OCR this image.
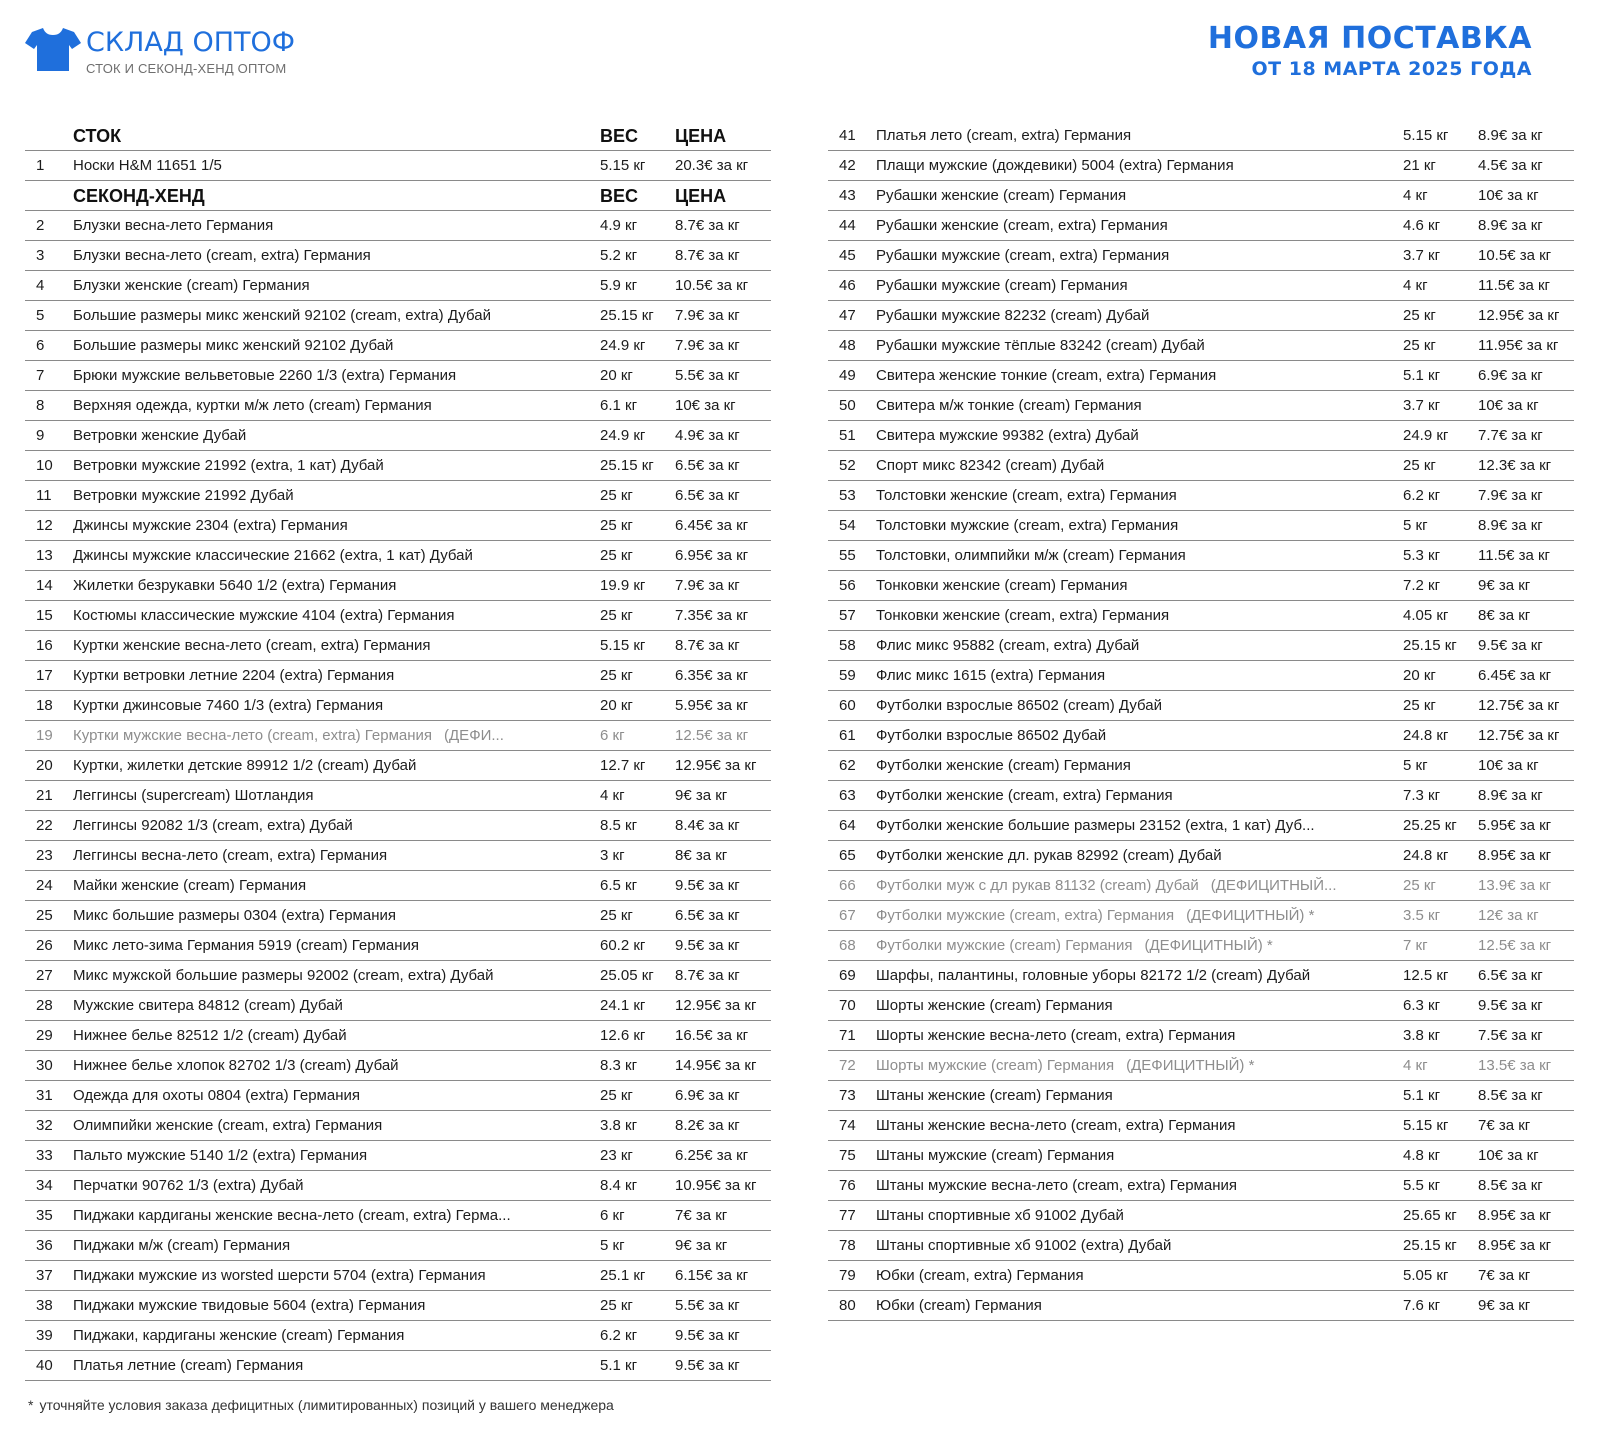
СКЛАД ОПТОФ
СТОК И СЕКОНД-ХЕНД ОПТОМ
НОВАЯ ПОСТАВКА
ОТ 18 МАРТА 2025 ГОДА
СТОК	ВЕС	ЦЕНА
1	Носки H&M 11651 1/5	5.15 кг	20.3€ за кг
СЕКОНД-ХЕНД	ВЕС	ЦЕНА
2	Блузки весна-лето Германия	4.9 кг	8.7€ за кг
3	Блузки весна-лето (cream, extra) Германия	5.2 кг	8.7€ за кг
4	Блузки женские (cream) Германия	5.9 кг	10.5€ за кг
5	Большие размеры микс женский 92102 (cream, extra) Дубай	25.15 кг	7.9€ за кг
6	Большие размеры микс женский 92102 Дубай	24.9 кг	7.9€ за кг
7	Брюки мужские вельветовые 2260 1/3 (extra) Германия	20 кг	5.5€ за кг
8	Верхняя одежда, куртки м/ж лето (cream) Германия	6.1 кг	10€ за кг
9	Ветровки женские Дубай	24.9 кг	4.9€ за кг
10	Ветровки мужские 21992 (extra, 1 кат) Дубай	25.15 кг	6.5€ за кг
11	Ветровки мужские 21992 Дубай	25 кг	6.5€ за кг
12	Джинсы мужские 2304 (extra) Германия	25 кг	6.45€ за кг
13	Джинсы мужские классические 21662 (extra, 1 кат) Дубай	25 кг	6.95€ за кг
14	Жилетки безрукавки 5640 1/2 (extra) Германия	19.9 кг	7.9€ за кг
15	Костюмы классические мужские 4104 (extra) Германия	25 кг	7.35€ за кг
16	Куртки женские весна-лето (cream, extra) Германия	5.15 кг	8.7€ за кг
17	Куртки ветровки летние 2204 (extra) Германия	25 кг	6.35€ за кг
18	Куртки джинсовые 7460 1/3 (extra) Германия	20 кг	5.95€ за кг
19	Куртки мужские весна-лето (cream, extra) Германия (ДЕФИ...	6 кг	12.5€ за кг
20	Куртки, жилетки детские 89912 1/2 (cream) Дубай	12.7 кг	12.95€ за кг
21	Леггинсы (supercream) Шотландия	4 кг	9€ за кг
22	Леггинсы 92082 1/3 (cream, extra) Дубай	8.5 кг	8.4€ за кг
23	Леггинсы весна-лето (cream, extra) Германия	3 кг	8€ за кг
24	Майки женские (cream) Германия	6.5 кг	9.5€ за кг
25	Микс большие размеры 0304 (extra) Германия	25 кг	6.5€ за кг
26	Микс лето-зима Германия 5919 (cream) Германия	60.2 кг	9.5€ за кг
27	Микс мужской большие размеры 92002 (cream, extra) Дубай	25.05 кг	8.7€ за кг
28	Мужские свитера 84812 (cream) Дубай	24.1 кг	12.95€ за кг
29	Нижнее белье 82512 1/2 (cream) Дубай	12.6 кг	16.5€ за кг
30	Нижнее белье хлопок 82702 1/3 (cream) Дубай	8.3 кг	14.95€ за кг
31	Одежда для охоты 0804 (extra) Германия	25 кг	6.9€ за кг
32	Олимпийки женские (cream, extra) Германия	3.8 кг	8.2€ за кг
33	Пальто мужские 5140 1/2 (extra) Германия	23 кг	6.25€ за кг
34	Перчатки 90762 1/3 (extra) Дубай	8.4 кг	10.95€ за кг
35	Пиджаки кардиганы женские весна-лето (cream, extra) Герма...	6 кг	7€ за кг
36	Пиджаки м/ж (cream) Германия	5 кг	9€ за кг
37	Пиджаки мужские из worsted шерсти 5704 (extra) Германия	25.1 кг	6.15€ за кг
38	Пиджаки мужские твидовые 5604 (extra) Германия	25 кг	5.5€ за кг
39	Пиджаки, кардиганы женские (cream) Германия	6.2 кг	9.5€ за кг
40	Платья летние (cream) Германия	5.1 кг	9.5€ за кг
41	Платья лето (cream, extra) Германия	5.15 кг	8.9€ за кг
42	Плащи мужские (дождевики) 5004 (extra) Германия	21 кг	4.5€ за кг
43	Рубашки женские (cream) Германия	4 кг	10€ за кг
44	Рубашки женские (cream, extra) Германия	4.6 кг	8.9€ за кг
45	Рубашки мужские (cream, extra) Германия	3.7 кг	10.5€ за кг
46	Рубашки мужские (cream) Германия	4 кг	11.5€ за кг
47	Рубашки мужские 82232 (cream) Дубай	25 кг	12.95€ за кг
48	Рубашки мужские тёплые 83242 (cream) Дубай	25 кг	11.95€ за кг
49	Свитера женские тонкие (cream, extra) Германия	5.1 кг	6.9€ за кг
50	Свитера м/ж тонкие (cream) Германия	3.7 кг	10€ за кг
51	Свитера мужские 99382 (extra) Дубай	24.9 кг	7.7€ за кг
52	Спорт микс 82342 (cream) Дубай	25 кг	12.3€ за кг
53	Толстовки женские (cream, extra) Германия	6.2 кг	7.9€ за кг
54	Толстовки мужские (cream, extra) Германия	5 кг	8.9€ за кг
55	Толстовки, олимпийки м/ж (cream) Германия	5.3 кг	11.5€ за кг
56	Тонковки женские (cream) Германия	7.2 кг	9€ за кг
57	Тонковки женские (cream, extra) Германия	4.05 кг	8€ за кг
58	Флис микс 95882 (cream, extra) Дубай	25.15 кг	9.5€ за кг
59	Флис микс 1615 (extra) Германия	20 кг	6.45€ за кг
60	Футболки взрослые 86502 (cream) Дубай	25 кг	12.75€ за кг
61	Футболки взрослые 86502 Дубай	24.8 кг	12.75€ за кг
62	Футболки женские (cream) Германия	5 кг	10€ за кг
63	Футболки женские (cream, extra) Германия	7.3 кг	8.9€ за кг
64	Футболки женские большие размеры 23152 (extra, 1 кат) Дуб...	25.25 кг	5.95€ за кг
65	Футболки женские дл. рукав 82992 (cream) Дубай	24.8 кг	8.95€ за кг
66	Футболки муж с дл рукав 81132 (cream) Дубай (ДЕФИЦИТНЫЙ...	25 кг	13.9€ за кг
67	Футболки мужские (cream, extra) Германия (ДЕФИЦИТНЫЙ) *	3.5 кг	12€ за кг
68	Футболки мужские (cream) Германия (ДЕФИЦИТНЫЙ) *	7 кг	12.5€ за кг
69	Шарфы, палантины, головные уборы 82172 1/2 (cream) Дубай	12.5 кг	6.5€ за кг
70	Шорты женские (cream) Германия	6.3 кг	9.5€ за кг
71	Шорты женские весна-лето (cream, extra) Германия	3.8 кг	7.5€ за кг
72	Шорты мужские (cream) Германия (ДЕФИЦИТНЫЙ) *	4 кг	13.5€ за кг
73	Штаны женские (cream) Германия	5.1 кг	8.5€ за кг
74	Штаны женские весна-лето (cream, extra) Германия	5.15 кг	7€ за кг
75	Штаны мужские (cream) Германия	4.8 кг	10€ за кг
76	Штаны мужские весна-лето (cream, extra) Германия	5.5 кг	8.5€ за кг
77	Штаны спортивные хб 91002 Дубай	25.65 кг	8.95€ за кг
78	Штаны спортивные хб 91002 (extra) Дубай	25.15 кг	8.95€ за кг
79	Юбки (cream, extra) Германия	5.05 кг	7€ за кг
80	Юбки (cream) Германия	7.6 кг	9€ за кг
* уточняйте условия заказа дефицитных (лимитированных) позиций у вашего менеджера
